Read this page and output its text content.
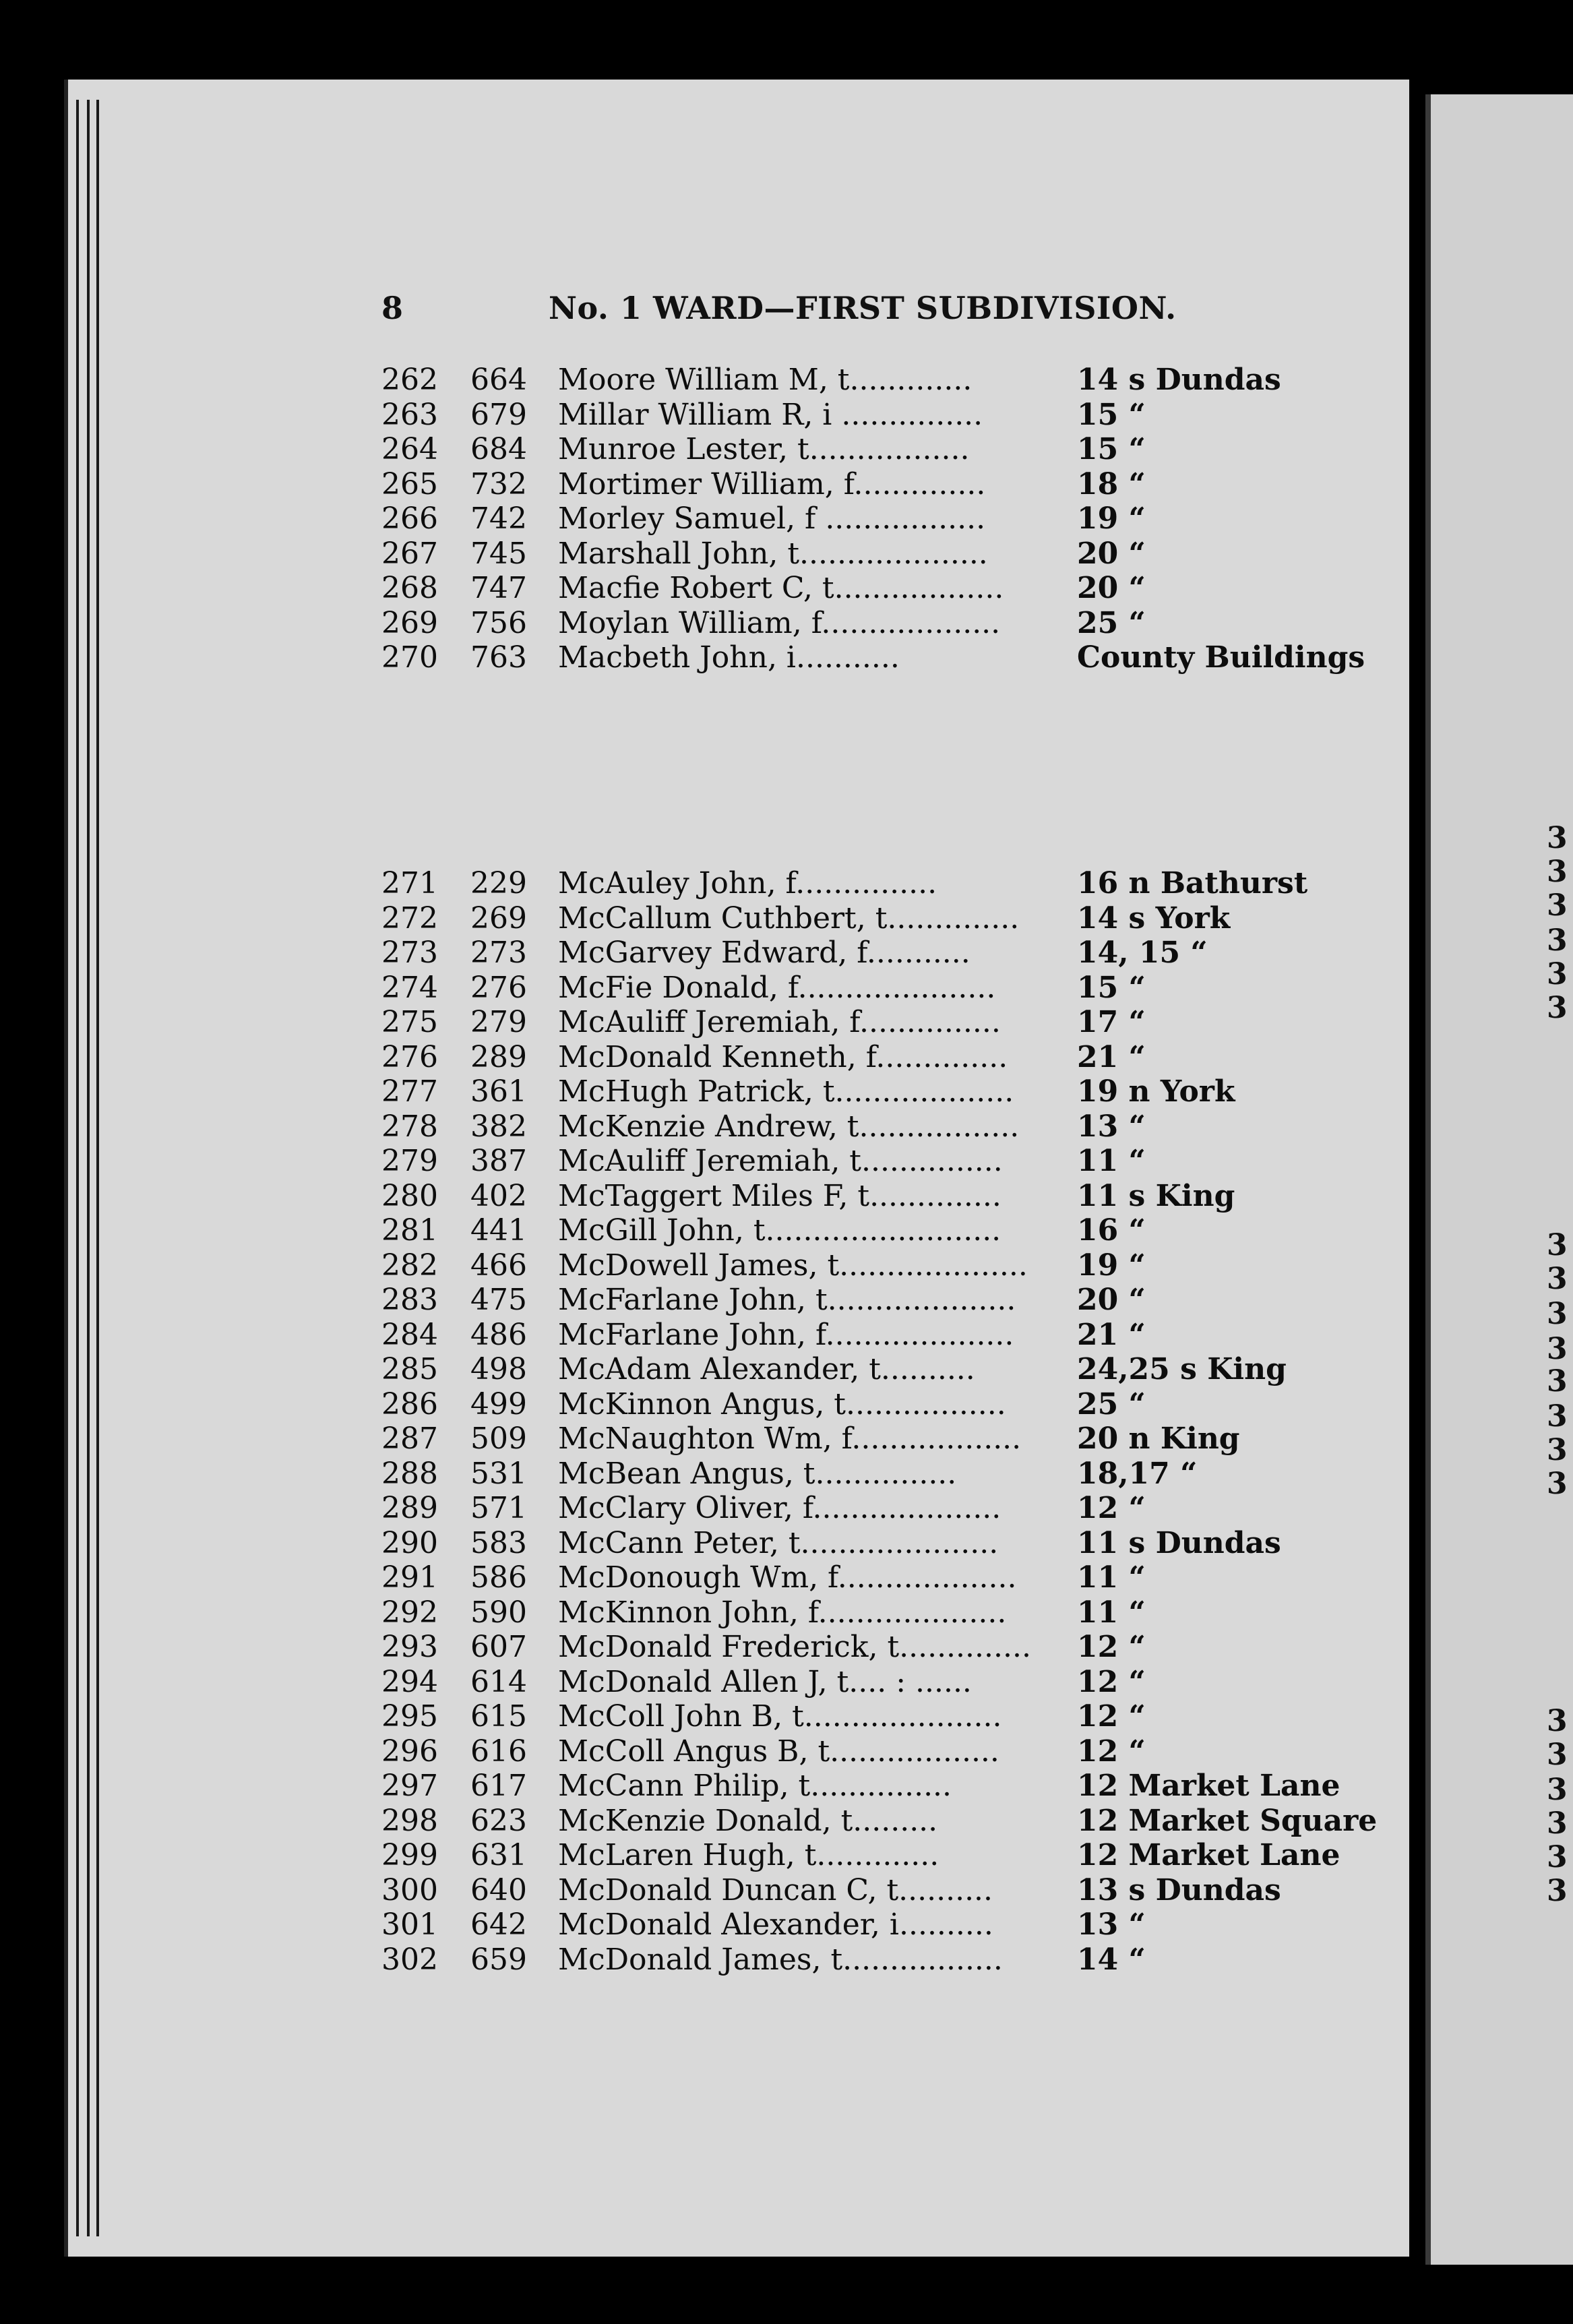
3
3
3
3
3
3
3
3
3
3
3
3
3
3
3
3
3
3
3
3
8	No. 1 WARD—FIRST SUBDIVISION.
262	664	Moore William M, t.............	14 s Dundas
263	679	Millar William R, i ...............	15 “
264	684	Munroe Lester, t.................	15 “
265	732	Mortimer William, f..............	18 “
266	742	Morley Samuel, f .................	19 “
267	745	Marshall John, t....................	20 “
268	747	Macfie Robert C, t..................	20 “
269	756	Moylan William, f...................	25 “
270	763	Macbeth John, i...........	County Buildings
271	229	McAuley John, f...............	16 n Bathurst
272	269	McCallum Cuthbert, t..............	14 s York
273	273	McGarvey Edward, f...........	14, 15 “
274	276	McFie Donald, f.....................	15 “
275	279	McAuliff Jeremiah, f...............	17 “
276	289	McDonald Kenneth, f..............	21 “
277	361	McHugh Patrick, t...................	19 n York
278	382	McKenzie Andrew, t.................	13 “
279	387	McAuliff Jeremiah, t...............	11 “
280	402	McTaggert Miles F, t..............	11 s King
281	441	McGill John, t.........................	16 “
282	466	McDowell James, t....................	19 “
283	475	McFarlane John, t....................	20 “
284	486	McFarlane John, f....................	21 “
285	498	McAdam Alexander, t..........	24,25 s King
286	499	McKinnon Angus, t.................	25 “
287	509	McNaughton Wm, f..................	20 n King
288	531	McBean Angus, t...............	18,17 “
289	571	McClary Oliver, f....................	12 “
290	583	McCann Peter, t.....................	11 s Dundas
291	586	McDonough Wm, f...................	11 “
292	590	McKinnon John, f....................	11 “
293	607	McDonald Frederick, t..............	12 “
294	614	McDonald Allen J, t.... : ......	12 “
295	615	McColl John B, t.....................	12 “
296	616	McColl Angus B, t..................	12 “
297	617	McCann Philip, t...............	12 Market Lane
298	623	McKenzie Donald, t.........	12 Market Square
299	631	McLaren Hugh, t.............	12 Market Lane
300	640	McDonald Duncan C, t..........	13 s Dundas
301	642	McDonald Alexander, i..........	13 “
302	659	McDonald James, t.................	14 “
